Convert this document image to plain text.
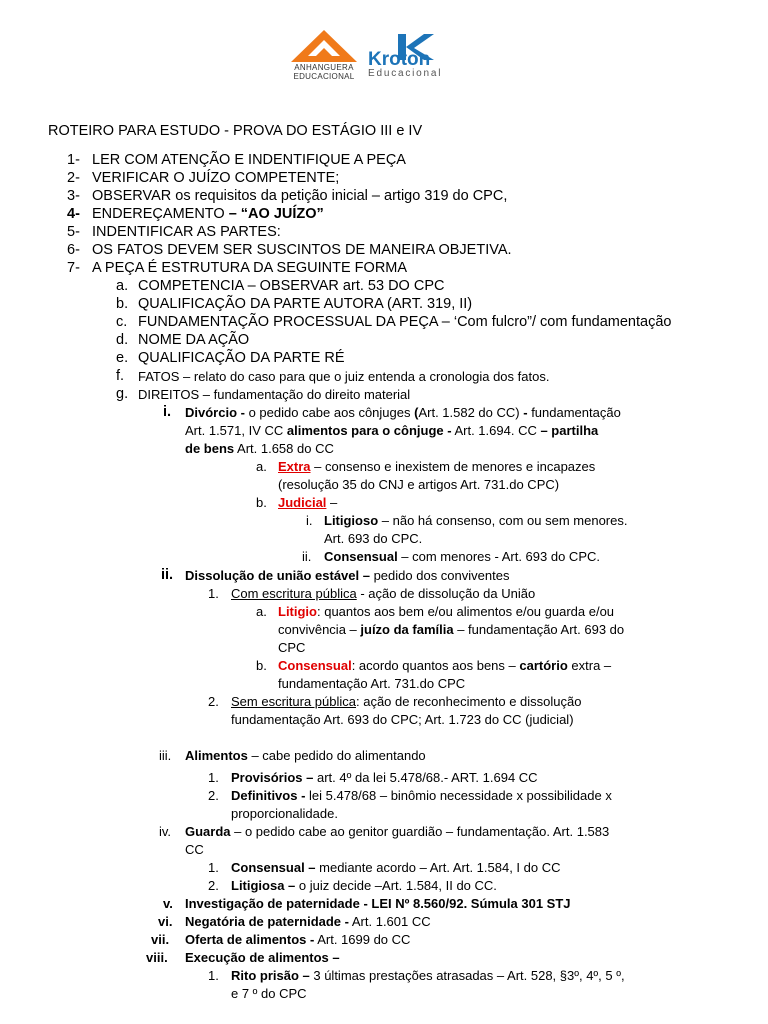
ANHANGUERA
EDUCACIONAL
Kroton
Educacional
ROTEIRO PARA ESTUDO - PROVA DO ESTÁGIO III e IV
1- LER COM ATENÇÃO E INDENTIFIQUE A PEÇA
2- VERIFICAR O JUÍZO COMPETENTE;
3- OBSERVAR os requisitos da petição inicial – artigo 319 do CPC,
4- ENDEREÇAMENTO – “AO JUÍZO”
5- INDENTIFICAR AS PARTES:
6- OS FATOS DEVEM SER SUSCINTOS DE MANEIRA OBJETIVA.
7- A PEÇA É ESTRUTURA DA SEGUINTE FORMA
a. COMPETENCIA – OBSERVAR art. 53 DO CPC
b. QUALIFICAÇÃO DA PARTE AUTORA (ART. 319, II)
c. FUNDAMENTAÇÃO PROCESSUAL DA PEÇA – ‘Com fulcro”/ com fundamentação
d. NOME DA AÇÃO
e. QUALIFICAÇÃO DA PARTE RÉ
f. FATOS – relato do caso para que o juiz entenda a cronologia dos fatos.
g. DIREITOS – fundamentação do direito material
i. Divórcio - o pedido cabe aos cônjuges (Art. 1.582 do CC) - fundamentação
Art. 1.571, IV CC alimentos para o cônjuge - Art. 1.694. CC – partilha
de bens Art. 1.658 do CC
a. Extra – consenso e inexistem de menores e incapazes
(resolução 35 do CNJ e artigos Art. 731.do CPC)
b. Judicial –
i. Litigioso – não há consenso, com ou sem menores.
Art. 693 do CPC.
ii. Consensual – com menores - Art. 693 do CPC.
ii. Dissolução de união estável – pedido dos conviventes
1. Com escritura pública - ação de dissolução da União
a. Litigio: quantos aos bem e/ou alimentos e/ou guarda e/ou
convivência – juízo da família – fundamentação Art. 693 do
CPC
b. Consensual: acordo quantos aos bens – cartório extra –
fundamentação Art. 731.do CPC
2. Sem escritura pública: ação de reconhecimento e dissolução
fundamentação Art. 693 do CPC; Art. 1.723 do CC (judicial)
iii. Alimentos – cabe pedido do alimentando
1. Provisórios – art. 4º da lei 5.478/68.- ART. 1.694 CC
2. Definitivos - lei 5.478/68 – binômio necessidade x possibilidade x
proporcionalidade.
iv. Guarda – o pedido cabe ao genitor guardião – fundamentação. Art. 1.583
CC
1. Consensual – mediante acordo – Art. Art. 1.584, I do CC
2. Litigiosa – o juiz decide –Art. 1.584, II do CC.
v. Investigação de paternidade - LEI Nº 8.560/92. Súmula 301 STJ
vi. Negatória de paternidade - Art. 1.601 CC
vii. Oferta de alimentos - Art. 1699 do CC
viii. Execução de alimentos –
1. Rito prisão – 3 últimas prestações atrasadas – Art. 528, §3º, 4º, 5 º,
e 7 º do CPC
